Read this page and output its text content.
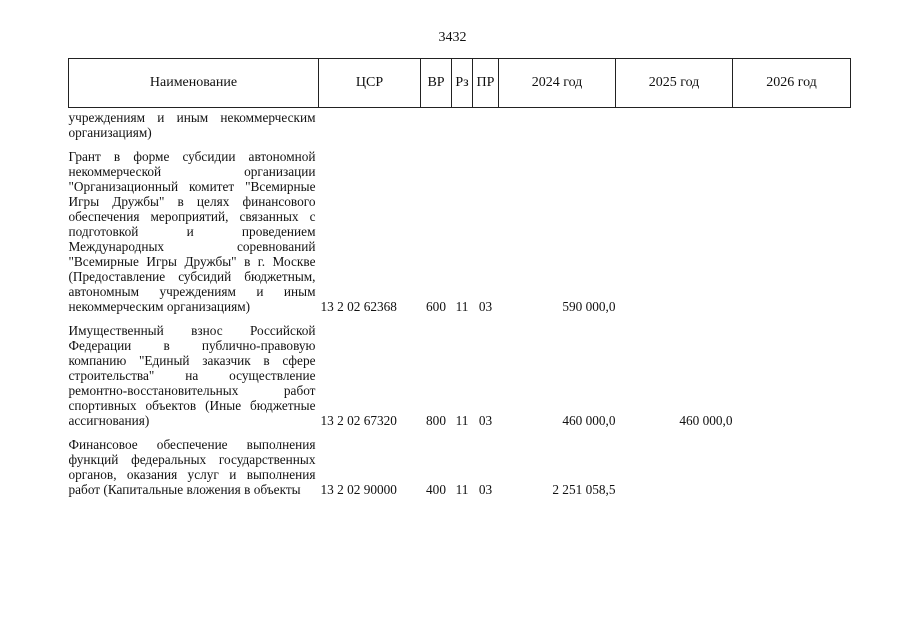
3432
Наименование	ЦСР	ВР	Рз	ПР	2024 год	2025 год	2026 год
учреждениям и иным некоммерческим организациям)							
Грант в форме субсидии автономной некоммерческой организации "Организационный комитет "Всемирные Игры Дружбы" в целях финансового обеспечения мероприятий, связанных с подготовкой и проведением Международных соревнований "Всемирные Игры Дружбы" в г. Москве (Предоставление субсидий бюджетным, автономным учреждениям и иным некоммерческим организациям)	13 2 02 62368	600	11	03	590 000,0		
Имущественный взнос Российской Федерации в публично-правовую компанию "Единый заказчик в сфере строительства" на осуществление ремонтно-восстановительных работ спортивных объектов (Иные бюджетные ассигнования)	13 2 02 67320	800	11	03	460 000,0	460 000,0	
Финансовое обеспечение выполнения функций федеральных государственных органов, оказания услуг и выполнения работ (Капитальные вложения в объекты	13 2 02 90000	400	11	03	2 251 058,5		
